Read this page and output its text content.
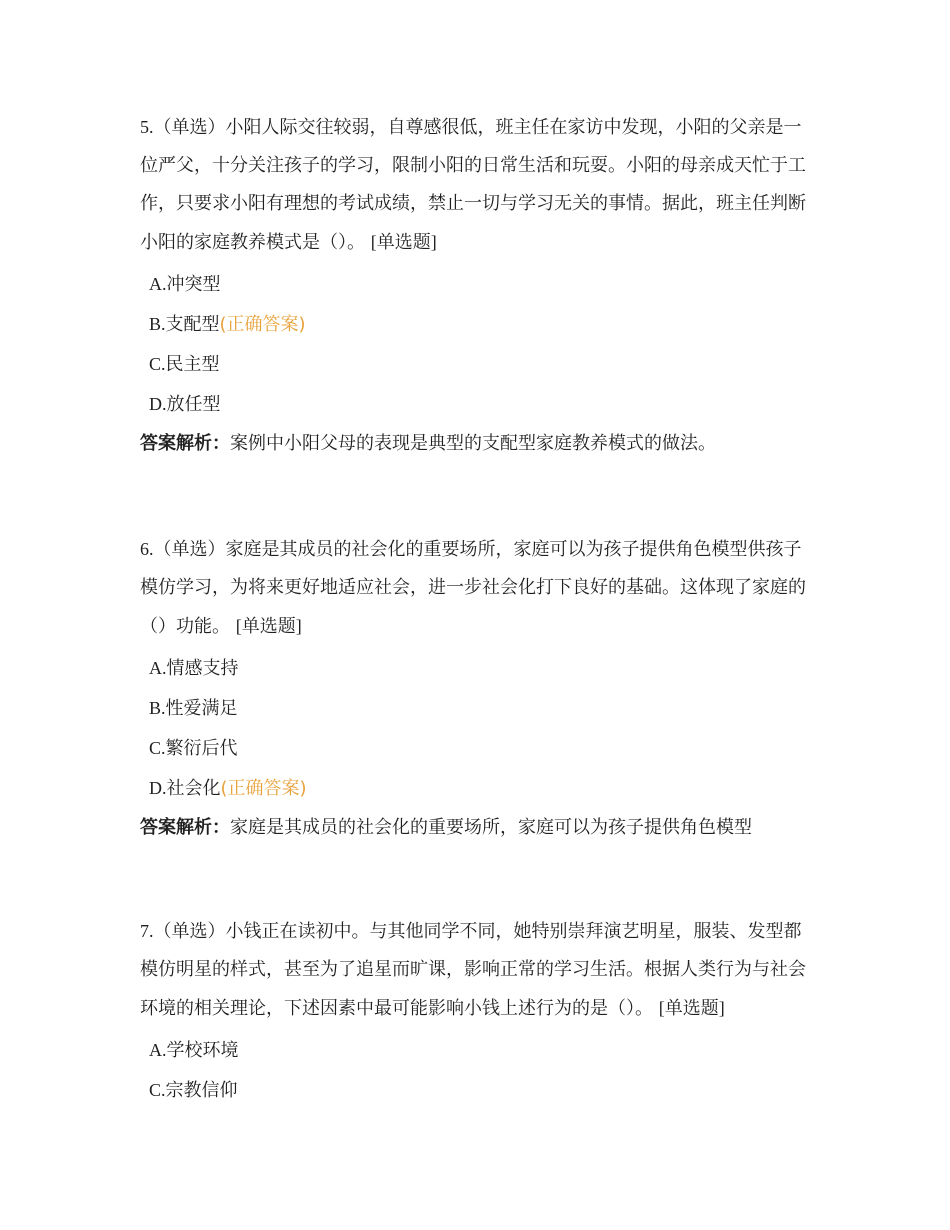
5.（单选）小阳人际交往较弱，自尊感很低，班主任在家访中发现，小阳的父亲是一位严父，十分关注孩子的学习，限制小阳的日常生活和玩耍。小阳的母亲成天忙于工作，只要求小阳有理想的考试成绩，禁止一切与学习无关的事情。据此，班主任判断小阳的家庭教养模式是（）。 [单选题]

A.冲突型
B.支配型(正确答案)
C.民主型
D.放任型

答案解析：案例中小阳父母的表现是典型的支配型家庭教养模式的做法。

6.（单选）家庭是其成员的社会化的重要场所，家庭可以为孩子提供角色模型供孩子模仿学习，为将来更好地适应社会，进一步社会化打下良好的基础。这体现了家庭的（）功能。 [单选题]

A.情感支持
B.性爱满足
C.繁衍后代
D.社会化(正确答案)

答案解析：家庭是其成员的社会化的重要场所，家庭可以为孩子提供角色模型

7.（单选）小钱正在读初中。与其他同学不同，她特别崇拜演艺明星，服装、发型都模仿明星的样式，甚至为了追星而旷课，影响正常的学习生活。根据人类行为与社会环境的相关理论，下述因素中最可能影响小钱上述行为的是（）。 [单选题]

A.学校环境
C.宗教信仰
